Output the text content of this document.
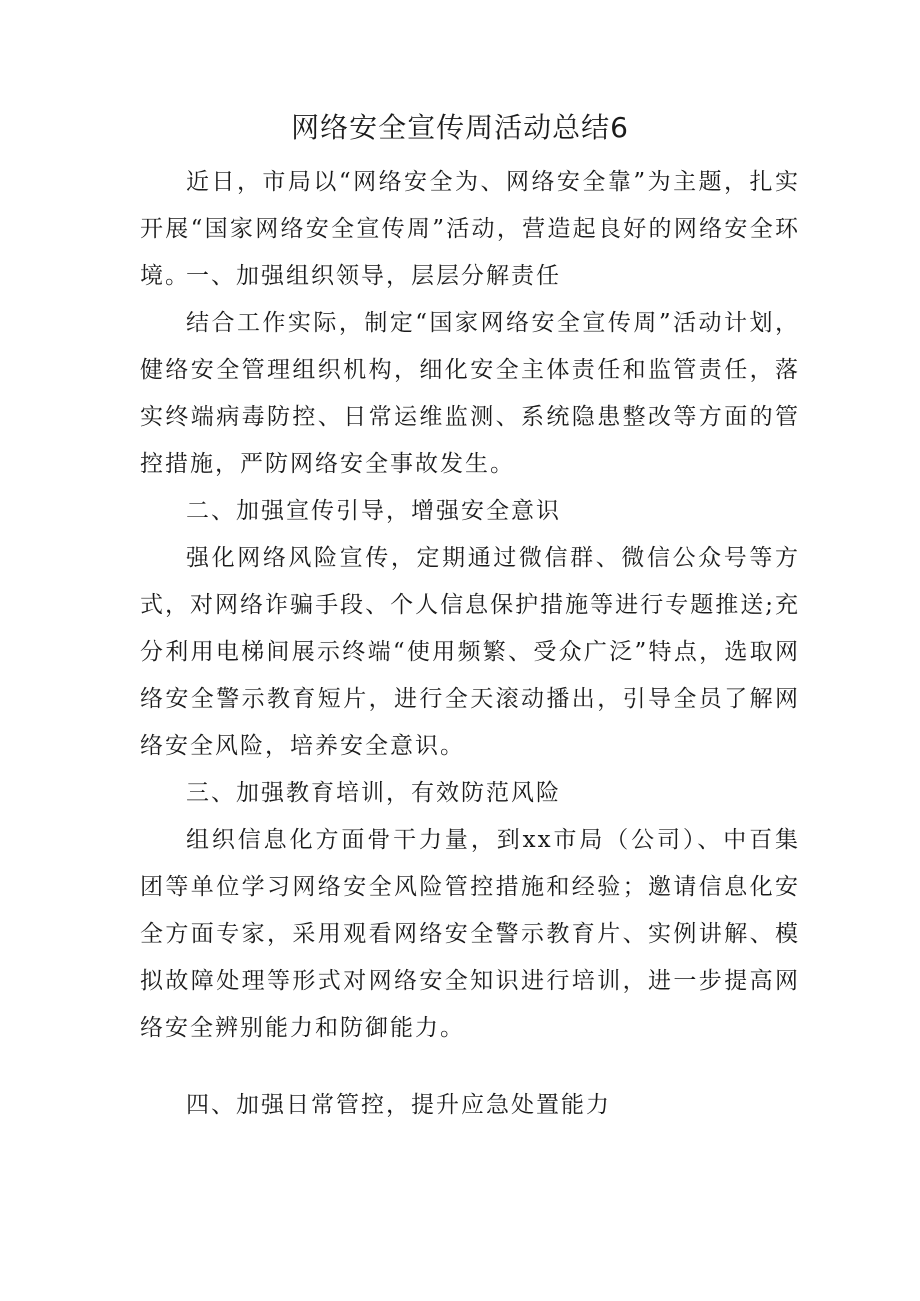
网络安全宣传周活动总结6

近日，市局以“网络安全为、网络安全靠”为主题，扎实开展“国家网络安全宣传周”活动，营造起良好的网络安全环境。

一、加强组织领导，层层分解责任

结合工作实际，制定“国家网络安全宣传周”活动计划，健络安全管理组织机构，细化安全主体责任和监管责任，落实终端病毒防控、日常运维监测、系统隐患整改等方面的管控措施，严防网络安全事故发生。

二、加强宣传引导，增强安全意识

强化网络风险宣传，定期通过微信群、微信公众号等方式，对网络诈骗手段、个人信息保护措施等进行专题推送;充分利用电梯间展示终端“使用频繁、受众广泛”特点，选取网络安全警示教育短片，进行全天滚动播出，引导全员了解网络安全风险，培养安全意识。

三、加强教育培训，有效防范风险

组织信息化方面骨干力量，到xx市局（公司）、中百集团等单位学习网络安全风险管控措施和经验；邀请信息化安全方面专家，采用观看网络安全警示教育片、实例讲解、模拟故障处理等形式对网络安全知识进行培训，进一步提高网络安全辨别能力和防御能力。

四、加强日常管控，提升应急处置能力
